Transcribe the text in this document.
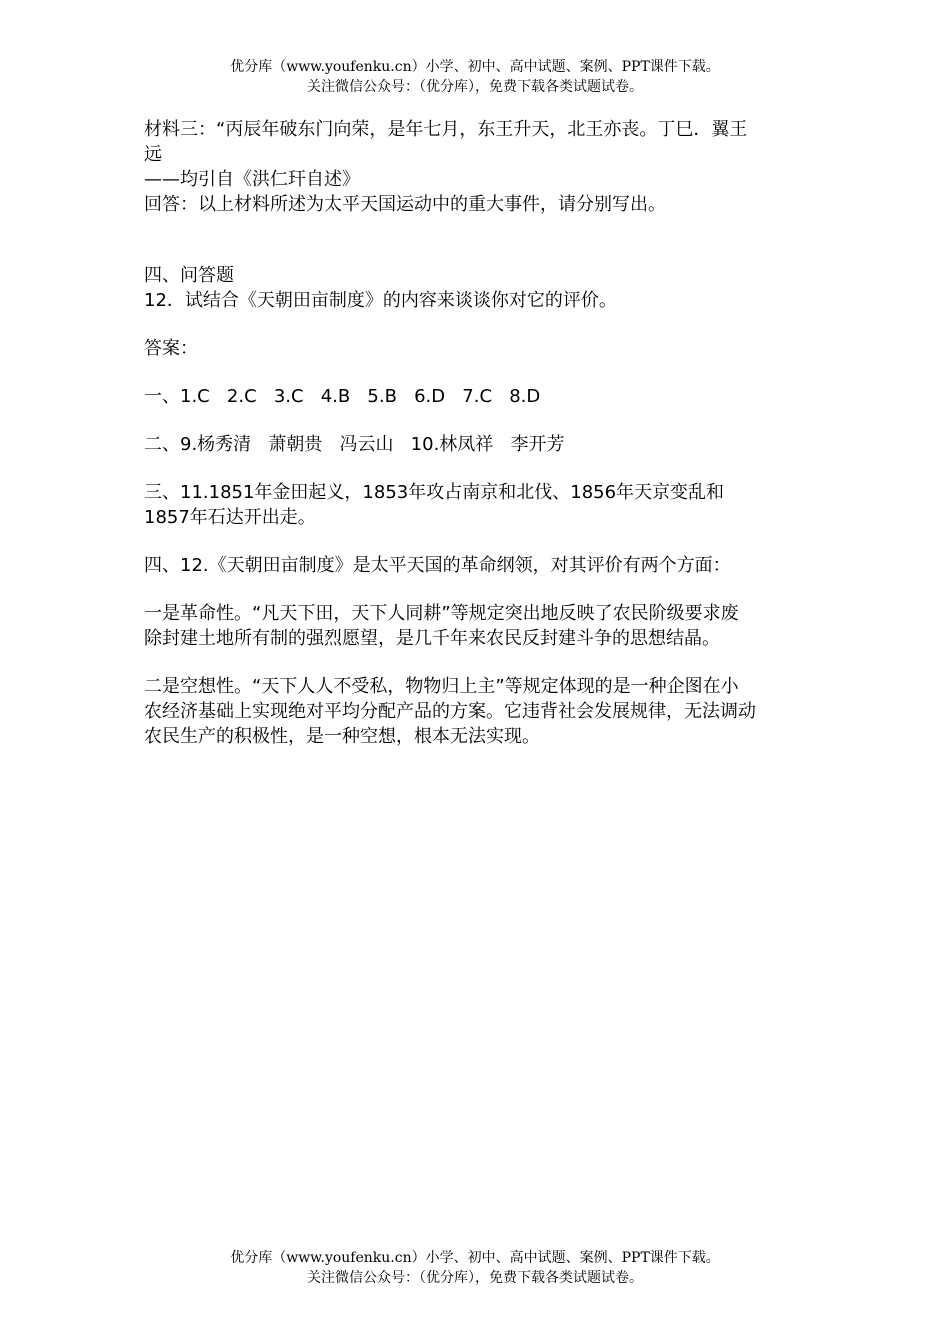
优分库（www.youfenku.cn）小学、初中、高中试题、案例、PPT课件下载。
关注微信公众号：（优分库），免费下载各类试题试卷。

材料三：“丙辰年破东门向荣，是年七月，东王升天，北王亦丧。丁巳．翼王

远

——均引自《洪仁玕自述》

回答：以上材料所述为太平天国运动中的重大事件，请分别写出。

四、问答题

12．试结合《天朝田亩制度》的内容来谈谈你对它的评价。

答案：

一、1.C   2.C   3.C   4.B   5.B   6.D   7.C   8.D

二、9.杨秀清   萧朝贵   冯云山   10.林凤祥   李开芳

三、11.1851年金田起义，1853年攻占南京和北伐、1856年天京变乱和

1857年石达开出走。

四、12.《天朝田亩制度》是太平天国的革命纲领，对其评价有两个方面：

一是革命性。“凡天下田，天下人同耕”等规定突出地反映了农民阶级要求废

除封建土地所有制的强烈愿望，是几千年来农民反封建斗争的思想结晶。

二是空想性。“天下人人不受私，物物归上主”等规定体现的是一种企图在小

农经济基础上实现绝对平均分配产品的方案。它违背社会发展规律，无法调动

农民生产的积极性，是一种空想，根本无法实现。

优分库（www.youfenku.cn）小学、初中、高中试题、案例、PPT课件下载。
关注微信公众号：（优分库），免费下载各类试题试卷。
